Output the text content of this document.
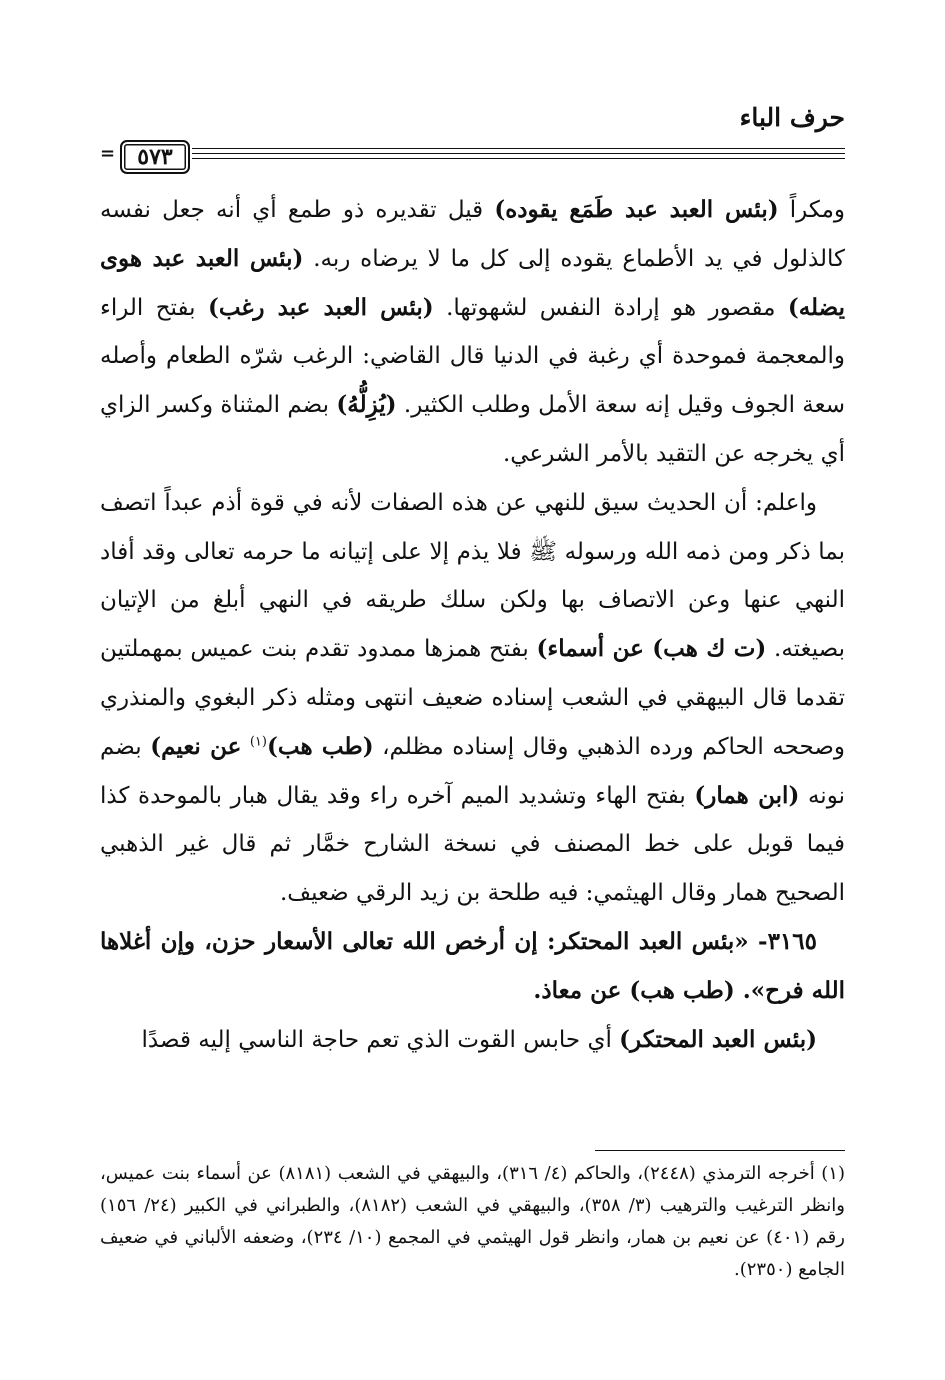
حرف الباء
=	٥٧٣

ومكراً (بئس العبد عبد طَمَع يقوده) قيل تقديره ذو طمع أي أنه جعل نفسه كالذلول في يد الأطماع يقوده إلى كل ما لا يرضاه ربه. (بئس العبد عبد هوى يضله) مقصور هو إرادة النفس لشهوتها. (بئس العبد عبد رغب) بفتح الراء والمعجمة فموحدة أي رغبة في الدنيا قال القاضي: الرغب شرّه الطعام وأصله سعة الجوف وقيل إنه سعة الأمل وطلب الكثير. (يُزِلُّهُ) بضم المثناة وكسر الزاي أي يخرجه عن التقيد بالأمر الشرعي.

واعلم: أن الحديث سيق للنهي عن هذه الصفات لأنه في قوة أذم عبداً اتصف بما ذكر ومن ذمه الله ورسوله ﷺ فلا يذم إلا على إتيانه ما حرمه تعالى وقد أفاد النهي عنها وعن الاتصاف بها ولكن سلك طريقه في النهي أبلغ من الإتيان بصيغته. (ت ك هب) عن أسماء) بفتح همزها ممدود تقدم بنت عميس بمهملتين تقدما قال البيهقي في الشعب إسناده ضعيف انتهى ومثله ذكر البغوي والمنذري وصححه الحاكم ورده الذهبي وقال إسناده مظلم، (طب هب)$^{(١)}$ عن نعيم) بضم نونه (ابن همار) بفتح الهاء وتشديد الميم آخره راء وقد يقال هبار بالموحدة كذا فيما قوبل على خط المصنف في نسخة الشارح خمَّار ثم قال غير الذهبي الصحيح همار وقال الهيثمي: فيه طلحة بن زيد الرقي ضعيف.

٣١٦٥- «بئس العبد المحتكر: إن أرخص الله تعالى الأسعار حزن، وإن أغلاها الله فرح». (طب هب) عن معاذ.

(بئس العبد المحتكر) أي حابس القوت الذي تعم حاجة الناسي إليه قصدًا

(١) أخرجه الترمذي (٢٤٤٨)، والحاكم (٤/ ٣١٦)، والبيهقي في الشعب (٨١٨١) عن أسماء بنت عميس، وانظر الترغيب والترهيب (٣/ ٣٥٨)، والبيهقي في الشعب (٨١٨٢)، والطبراني في الكبير (٢٤/ ١٥٦) رقم (٤٠١) عن نعيم بن همار، وانظر قول الهيثمي في المجمع (١٠/ ٢٣٤)، وضعفه الألباني في ضعيف الجامع (٢٣٥٠).
